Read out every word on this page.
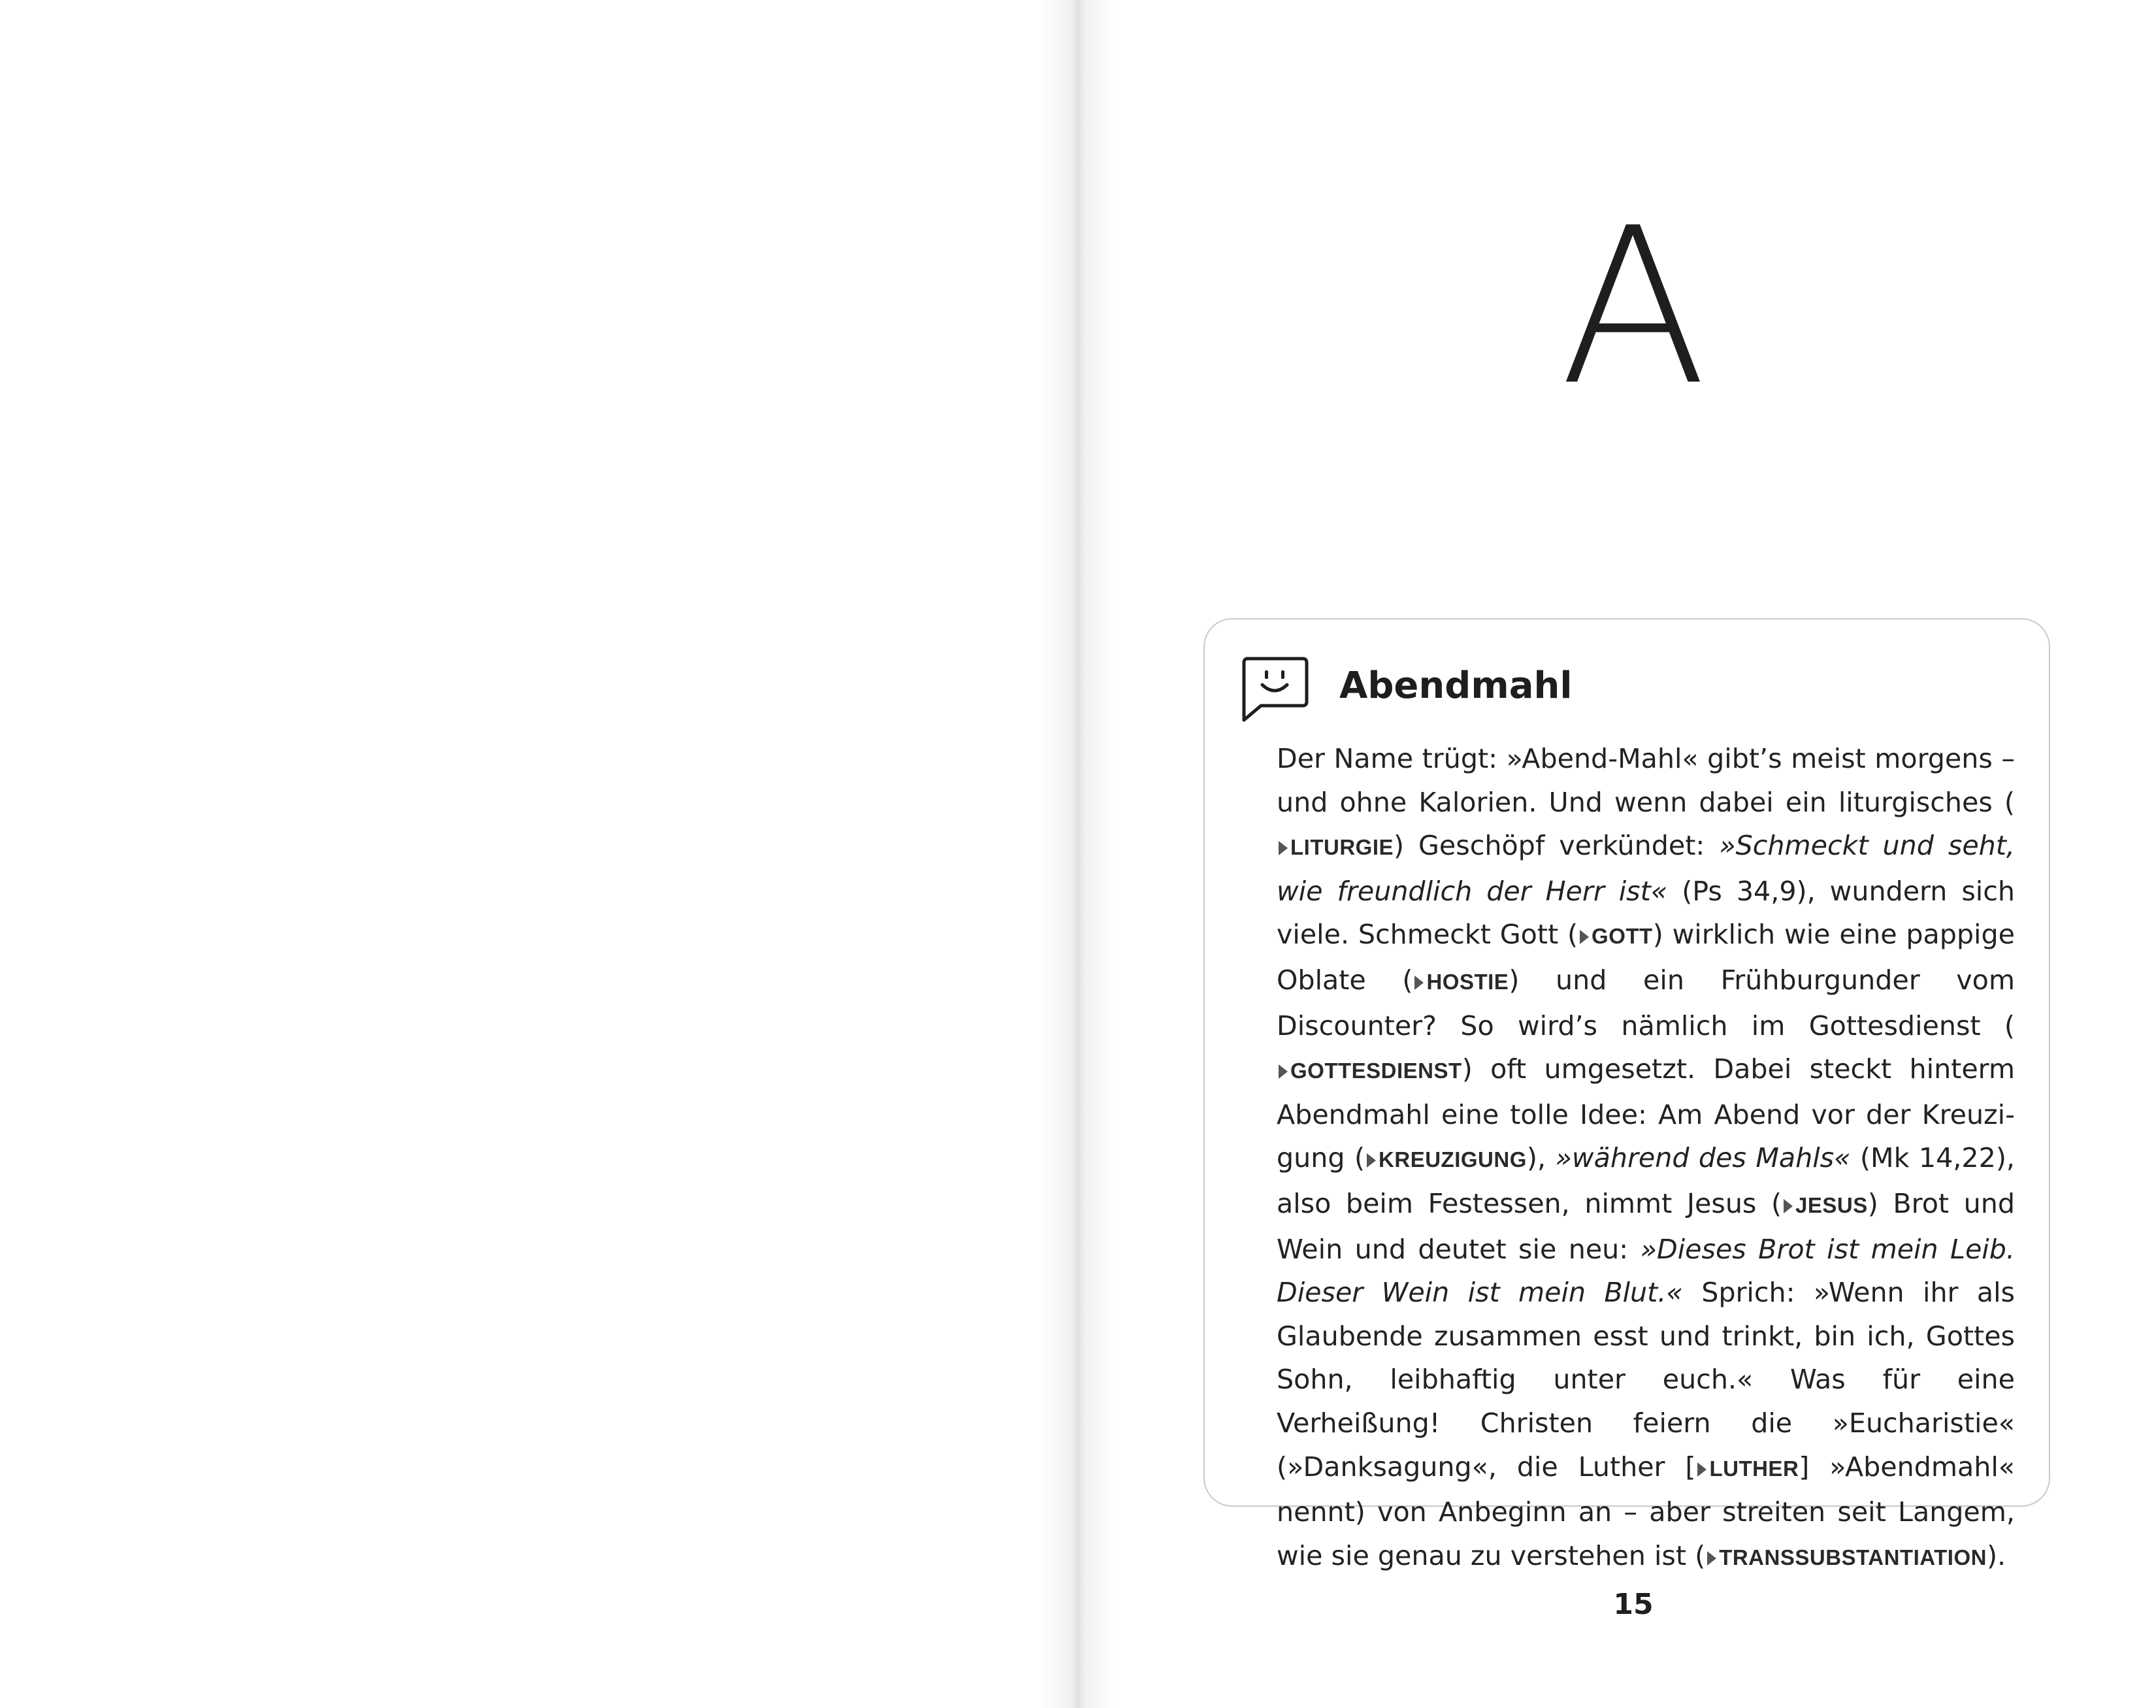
A
Abendmahl
Der Name trügt: »Abend-Mahl« gibt’s meist morgens – und ohne Kalorien. Und wenn dabei ein liturgisches (LITURGIE) Geschöpf verkündet: »Schmeckt und seht, wie freundlich der Herr ist« (Ps 34,9), wundern sich viele. Schmeckt Gott ( GOTT) wirklich wie eine pappige Oblate ( HOSTIE) und ein Frühburgunder vom Discounter? So wird’s nämlich im Gottesdienst (GOTTESDIENST) oft umgesetzt. Dabei steckt hinterm Abendmahl eine tolle Idee: Am Abend vor der Kreuzigung ( KREUZIGUNG), »während des Mahls« (Mk 14,22), also beim Festessen, nimmt Jesus ( JESUS) Brot und Wein und deutet sie neu: »Dieses Brot ist mein Leib. Dieser Wein ist mein Blut.« Sprich: »Wenn ihr als Glaubende zusammen esst und trinkt, bin ich, Gottes Sohn, leibhaftig unter euch.« Was für eine Verheißung! Christen feiern die »Eucharistie« (»Danksagung«, die Luther [ LUTHER] »Abendmahl« nennt) von Anbeginn an – aber streiten seit Langem, wie sie genau zu verstehen ist ( TRANSSUBSTANTIATION).
15
